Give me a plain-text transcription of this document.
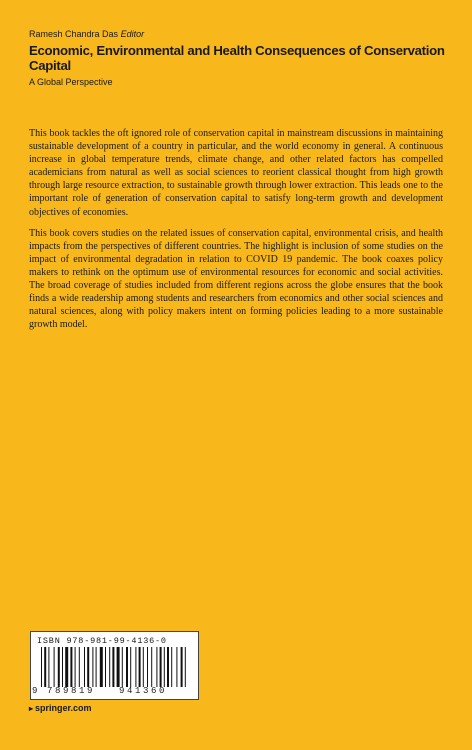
Ramesh Chandra Das Editor
Economic, Environmental and Health Consequences of Conservation Capital
A Global Perspective

This book tackles the oft ignored role of conservation capital in mainstream discussions in maintaining sustainable development of a country in particular, and the world economy in general. A continuous increase in global temperature trends, climate change, and other related factors has compelled academicians from natural as well as social sciences to reorient classical thought from high growth through large resource extraction, to sustainable growth through lower extraction. This leads one to the important role of generation of conservation capital to satisfy long-term growth and development objectives of economies.

This book covers studies on the related issues of conservation capital, environmental crisis, and health impacts from the perspectives of different countries. The highlight is inclusion of some studies on the impact of environmental degradation in relation to COVID 19 pandemic. The book coaxes policy makers to rethink on the optimum use of environmental resources for economic and social activities. The broad coverage of studies included from different regions across the globe ensures that the book finds a wide readership among students and researchers from economics and other social sciences and natural sciences, along with policy makers intent on forming policies leading to a more sustainable growth model.

ISBN 978-981-99-4136-0
9 789819	941360
▸ springer.com
